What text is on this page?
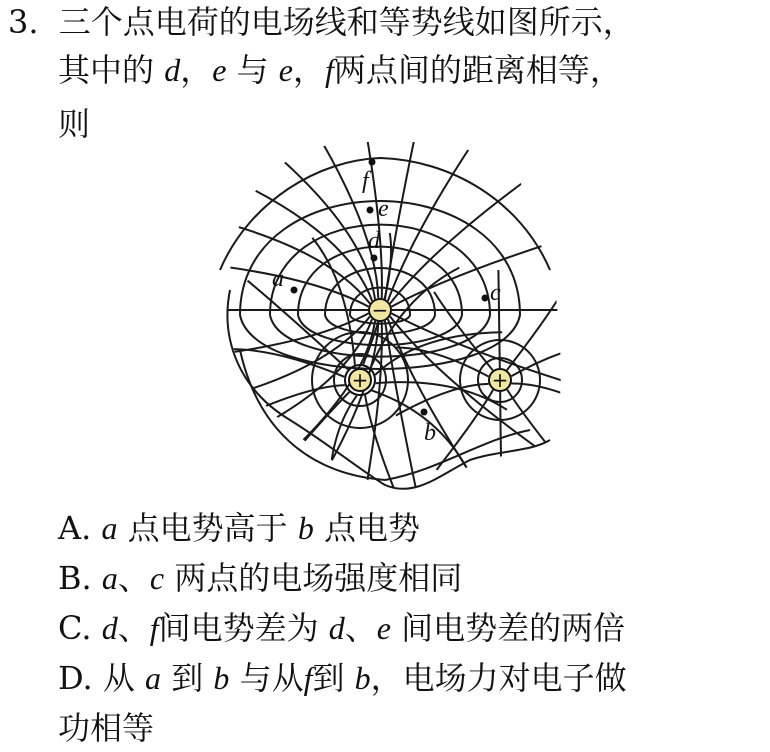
3. 三个点电荷的电场线和等势线如图所示，
其中的 d，e 与 e，f两点间的距离相等，
则
f
e
d
a
c
b
−
+	+
A. a 点电势高于 b 点电势
B. a、c 两点的电场强度相同
C. d、f间电势差为 d、e 间电势差的两倍
D. 从 a 到 b 与从f到 b，电场力对电子做
功相等
